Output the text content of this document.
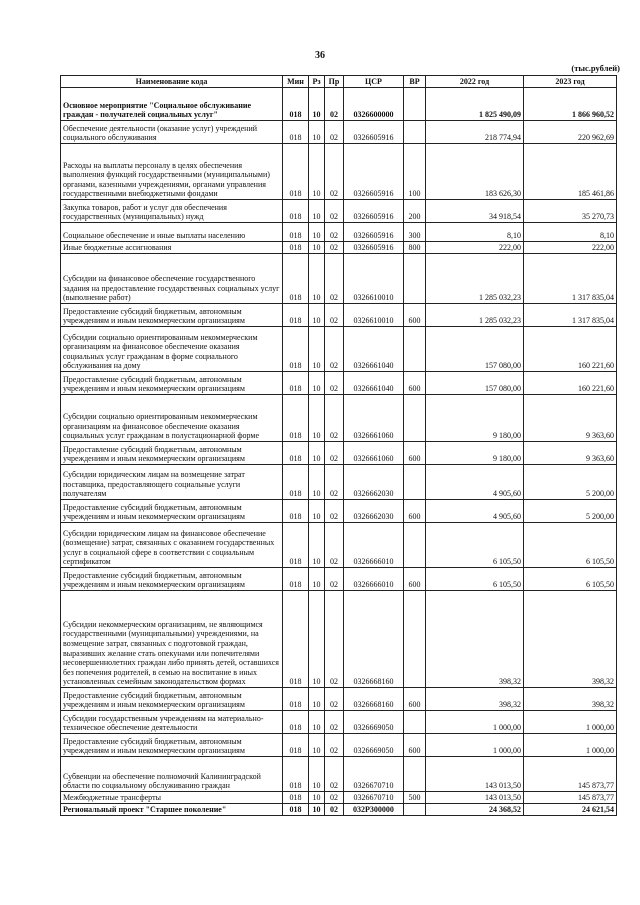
36
(тыс.рублей)
Наименование кода	Мин	Рз	Пр	ЦСР	ВР	2022 год	2023 год
Основное мероприятие "Социальное обслуживание граждан - получателей социальных услуг"	018	10	02	0326600000		1 825 490,09	1 866 960,52
Обеспечение деятельности (оказание услуг) учреждений социального обслуживания	018	10	02	0326605916		218 774,94	220 962,69
Расходы на выплаты персоналу в целях обеспечения выполнения функций государственными (муниципальными) органами, казенными учреждениями, органами управления государственными внебюджетными фондами	018	10	02	0326605916	100	183 626,30	185 461,86
Закупка товаров, работ и услуг для обеспечения государственных (муниципальных) нужд	018	10	02	0326605916	200	34 918,54	35 270,73
Социальное обеспечение и иные выплаты населению	018	10	02	0326605916	300	8,10	8,10
Иные бюджетные ассигнования	018	10	02	0326605916	800	222,00	222,00
Субсидии на финансовое обеспечение государственного задания на предоставление государственных социальных услуг (выполнение работ)	018	10	02	0326610010		1 285 032,23	1 317 835,04
Предоставление субсидий бюджетным, автономным учреждениям и иным некоммерческим организациям	018	10	02	0326610010	600	1 285 032,23	1 317 835,04
Субсидии социально ориентированным некоммерческим организациям на финансовое обеспечение оказания социальных услуг гражданам в форме социального обслуживания на дому	018	10	02	0326661040		157 080,00	160 221,60
Предоставление субсидий бюджетным, автономным учреждениям и иным некоммерческим организациям	018	10	02	0326661040	600	157 080,00	160 221,60
Субсидии социально ориентированным некоммерческим организациям на финансовое обеспечение оказания социальных услуг гражданам в полустационарной форме	018	10	02	0326661060		9 180,00	9 363,60
Предоставление субсидий бюджетным, автономным учреждениям и иным некоммерческим организациям	018	10	02	0326661060	600	9 180,00	9 363,60
Субсидии юридическим лицам на возмещение затрат поставщика, предоставляющего социальные услуги получателям	018	10	02	0326662030		4 905,60	5 200,00
Предоставление субсидий бюджетным, автономным учреждениям и иным некоммерческим организациям	018	10	02	0326662030	600	4 905,60	5 200,00
Субсидии юридическим лицам на финансовое обеспечение (возмещение) затрат, связанных с оказанием государственных услуг в социальной сфере в соответствии с социальным сертификатом	018	10	02	0326666010		6 105,50	6 105,50
Предоставление субсидий бюджетным, автономным учреждениям и иным некоммерческим организациям	018	10	02	0326666010	600	6 105,50	6 105,50
Субсидии некоммерческим организациям, не являющимся государственными (муниципальными) учреждениями, на возмещение затрат, связанных с подготовкой граждан, выразивших желание стать опекунами или попечителями несовершеннолетних граждан либо принять детей, оставшихся без попечения родителей, в семью на воспитание в иных установленных семейным законодательством формах	018	10	02	0326668160		398,32	398,32
Предоставление субсидий бюджетным, автономным учреждениям и иным некоммерческим организациям	018	10	02	0326668160	600	398,32	398,32
Субсидии государственным учреждениям на материально-техническое обеспечение деятельности	018	10	02	0326669050		1 000,00	1 000,00
Предоставление субсидий бюджетным, автономным учреждениям и иным некоммерческим организациям	018	10	02	0326669050	600	1 000,00	1 000,00
Субвенции на обеспечение полномочий Калининградской области по социальному обслуживанию граждан	018	10	02	0326670710		143 013,50	145 873,77
Межбюджетные трансферты	018	10	02	0326670710	500	143 013,50	145 873,77
Региональный проект "Старшее поколение"	018	10	02	032P300000		24 368,52	24 621,54
